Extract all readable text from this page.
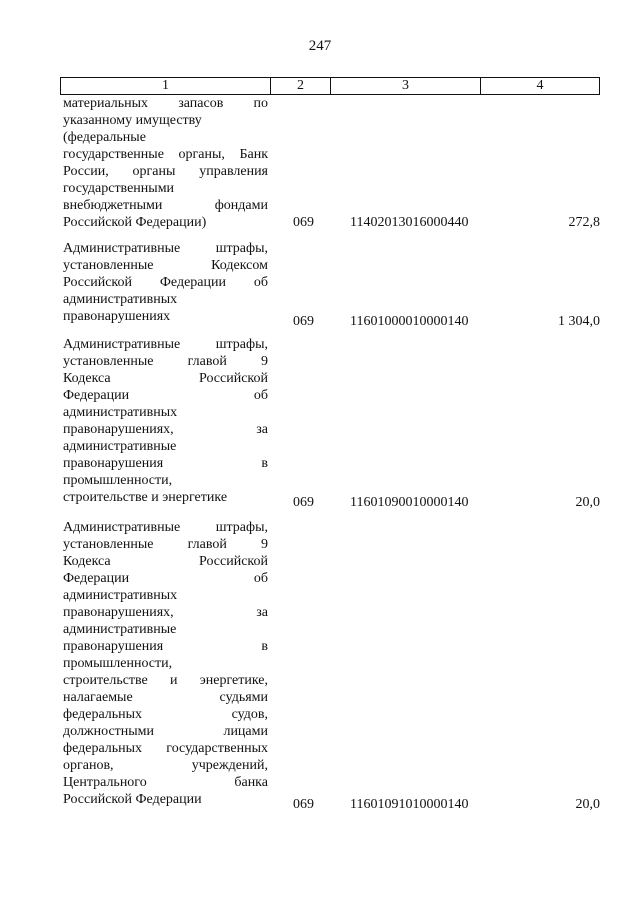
247
1	2	3	4
материальных запасов по
указанному имуществу
(федеральные
государственные органы, Банк
России, органы управления
государственными
внебюджетными фондами
Российской Федерации)	069	11402013016000440	272,8
Административные штрафы,
установленные Кодексом
Российской Федерации об
административных
правонарушениях	069	11601000010000140	1 304,0
Административные штрафы,
установленные главой 9
Кодекса Российской
Федерации об
административных
правонарушениях, за
административные
правонарушения в
промышленности,
строительстве и энергетике	069	11601090010000140	20,0
Административные штрафы,
установленные главой 9
Кодекса Российской
Федерации об
административных
правонарушениях, за
административные
правонарушения в
промышленности,
строительстве и энергетике,
налагаемые судьями
федеральных судов,
должностными лицами
федеральных государственных
органов, учреждений,
Центрального банка
Российской Федерации	069	11601091010000140	20,0
